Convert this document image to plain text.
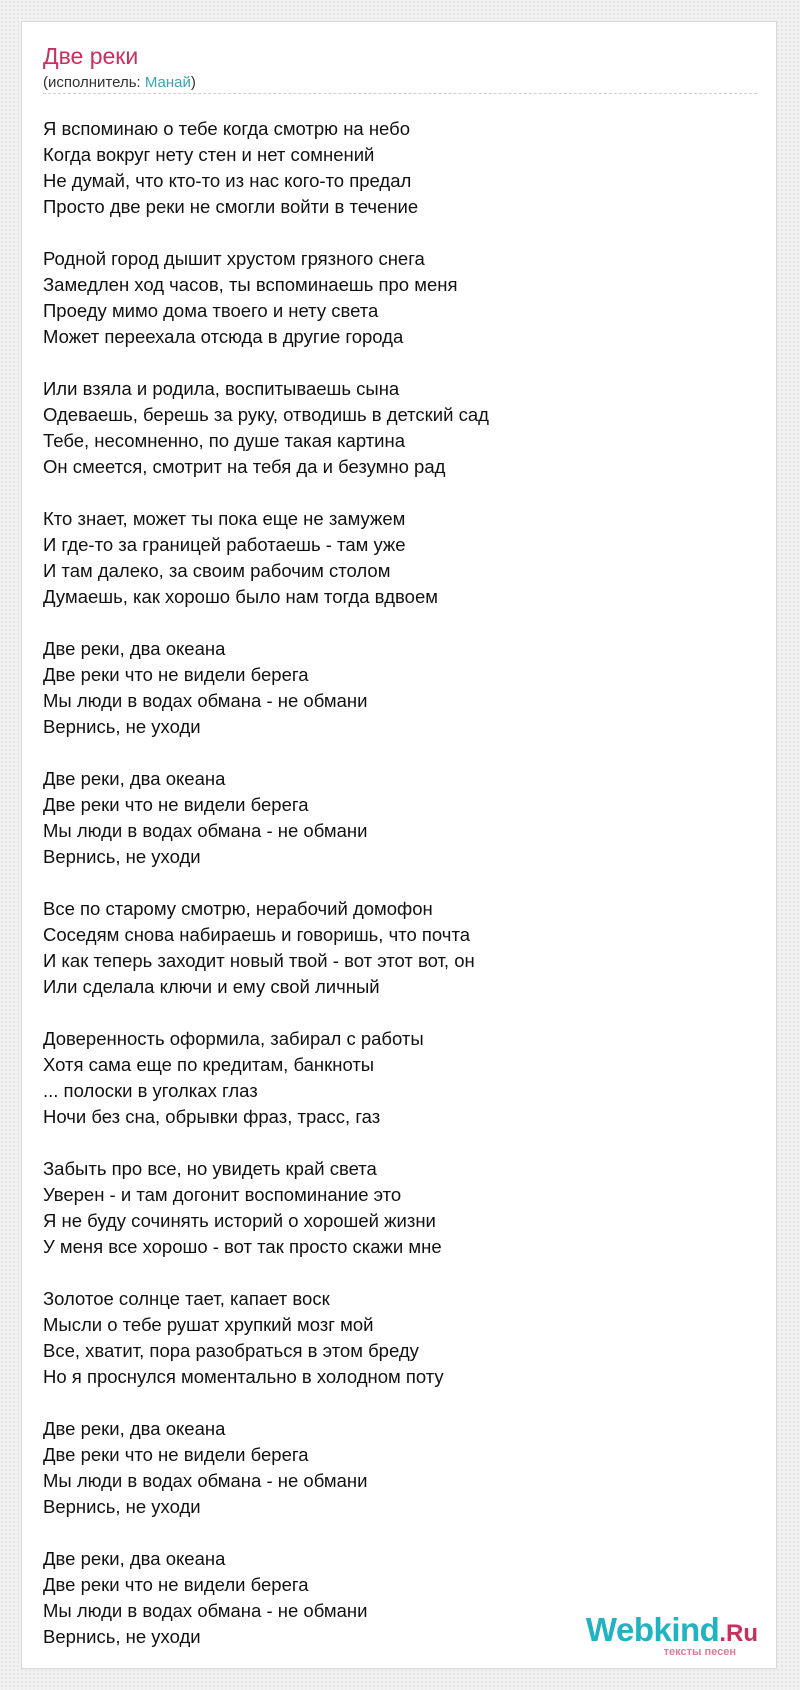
Две реки
(исполнитель: Манай)
Я вспоминаю о тебе когда смотрю на небо
Когда вокруг нету стен и нет сомнений
Не думай, что кто-то из нас кого-то предал
Просто две реки не смогли войти в течение
Родной город дышит хрустом грязного снега
Замедлен ход часов, ты вспоминаешь про меня
Проеду мимо дома твоего и нету света
Может переехала отсюда в другие города
Или взяла и родила, воспитываешь сына
Одеваешь, берешь за руку, отводишь в детский сад
Тебе, несомненно, по душе такая картина
Он смеется, смотрит на тебя да и безумно рад
Кто знает, может ты пока еще не замужем
И где-то за границей работаешь - там уже
И там далеко, за своим рабочим столом
Думаешь, как хорошо было нам тогда вдвоем
Две реки, два океана
Две реки что не видели берега
Мы люди в водах обмана - не обмани
Вернись, не уходи
Две реки, два океана
Две реки что не видели берега
Мы люди в водах обмана - не обмани
Вернись, не уходи
Все по старому смотрю, нерабочий домофон
Соседям снова набираешь и говоришь, что почта
И как теперь заходит новый твой - вот этот вот, он
Или сделала ключи и ему свой личный
Доверенность оформила, забирал с работы
Хотя сама еще по кредитам, банкноты
... полоски в уголках глаз
Ночи без сна, обрывки фраз, трасс, газ
Забыть про все, но увидеть край света
Уверен - и там догонит воспоминание это
Я не буду сочинять историй о хорошей жизни
У меня все хорошо - вот так просто скажи мне
Золотое солнце тает, капает воск
Мысли о тебе рушат хрупкий мозг мой
Все, хватит, пора разобраться в этом бреду
Но я проснулся моментально в холодном поту
Две реки, два океана
Две реки что не видели берега
Мы люди в водах обмана - не обмани
Вернись, не уходи
Две реки, два океана
Две реки что не видели берега
Мы люди в водах обмана - не обмани
Вернись, не уходи	Webkind.Ru
тексты песен
